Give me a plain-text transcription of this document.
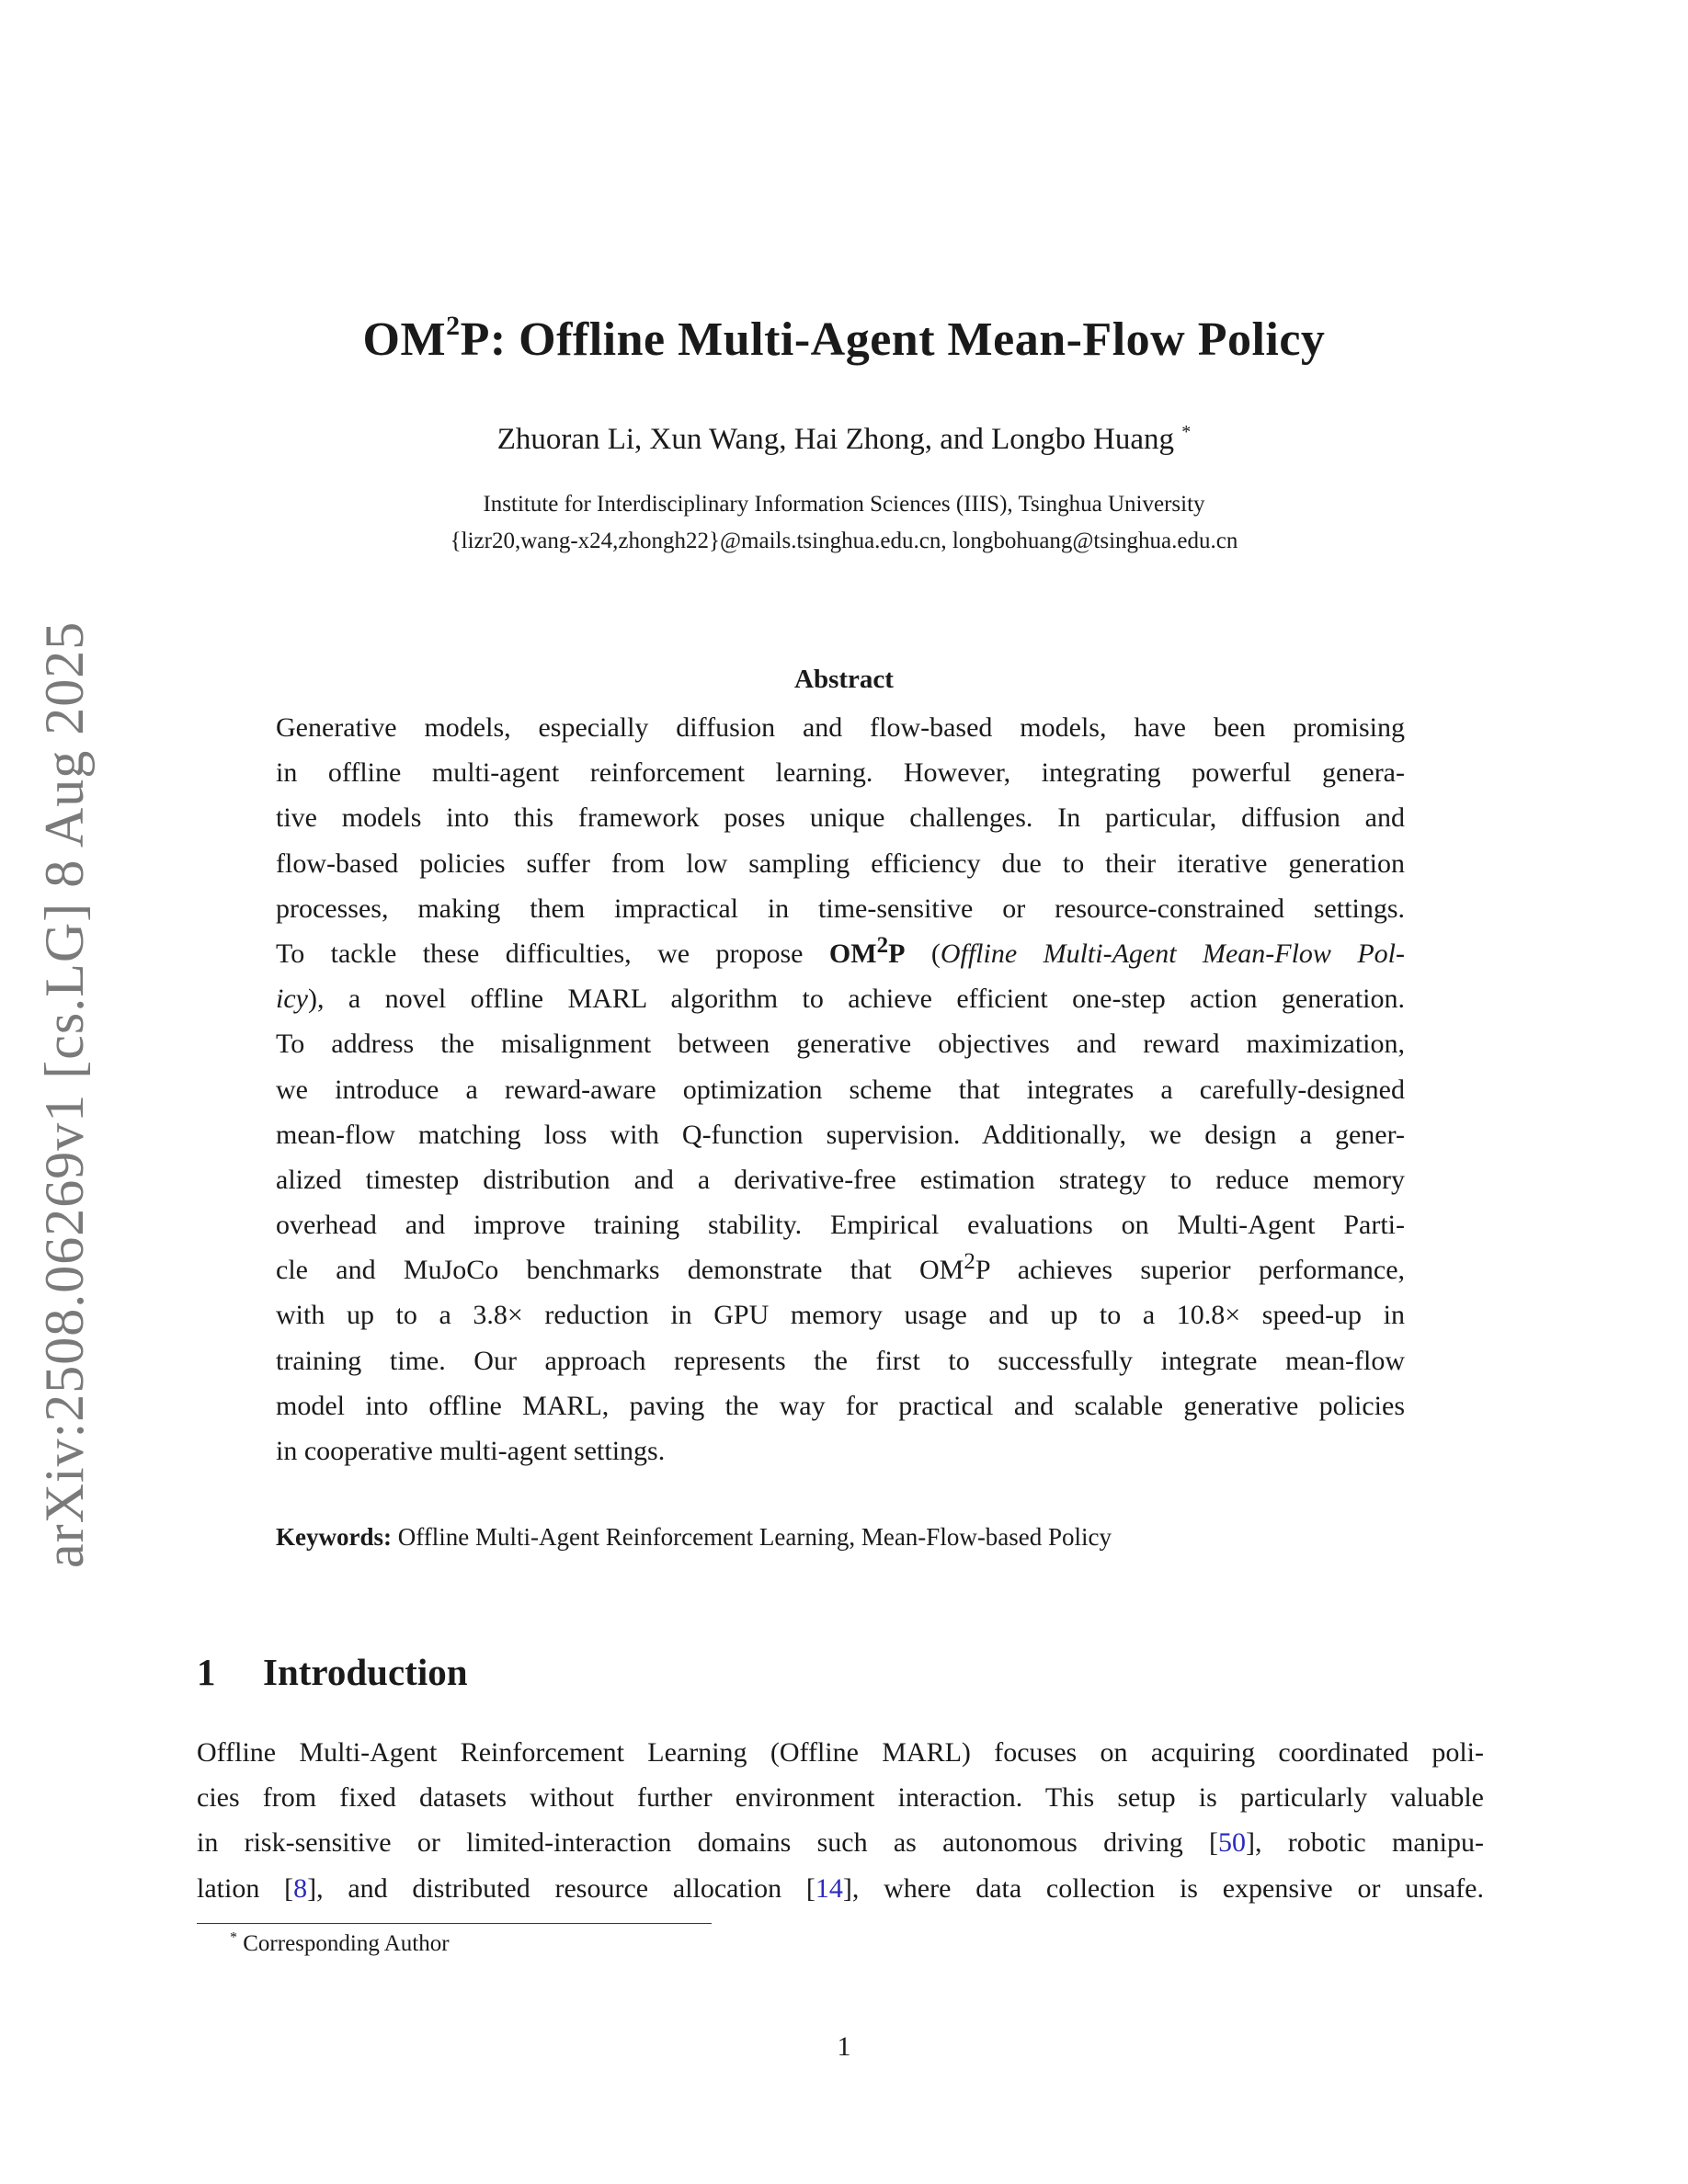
arXiv:2508.06269v1 [cs.LG] 8 Aug 2025
$OM^2P$: Offline Multi-Agent Mean-Flow Policy
Zhuoran Li, Xun Wang, Hai Zhong, and Longbo Huang *
Institute for Interdisciplinary Information Sciences (IIIS), Tsinghua University
{lizr20,wang-x24,zhongh22}@mails.tsinghua.edu.cn, longbohuang@tsinghua.edu.cn
Abstract
Generative models, especially diffusion and flow-based models, have been promising
in offline multi-agent reinforcement learning. However, integrating powerful genera-
tive models into this framework poses unique challenges. In particular, diffusion and
flow-based policies suffer from low sampling efficiency due to their iterative generation
processes, making them impractical in time-sensitive or resource-constrained settings.
To tackle these difficulties, we propose $OM^2P$ (Offline Multi-Agent Mean-Flow Pol-
icy), a novel offline MARL algorithm to achieve efficient one-step action generation.
To address the misalignment between generative objectives and reward maximization,
we introduce a reward-aware optimization scheme that integrates a carefully-designed
mean-flow matching loss with Q-function supervision. Additionally, we design a gener-
alized timestep distribution and a derivative-free estimation strategy to reduce memory
overhead and improve training stability. Empirical evaluations on Multi-Agent Parti-
cle and MuJoCo benchmarks demonstrate that $OM^2P$ achieves superior performance,
with up to a 3.8× reduction in GPU memory usage and up to a 10.8× speed-up in
training time. Our approach represents the first to successfully integrate mean-flow
model into offline MARL, paving the way for practical and scalable generative policies
in cooperative multi-agent settings.
Keywords: Offline Multi-Agent Reinforcement Learning, Mean-Flow-based Policy
1 Introduction
Offline Multi-Agent Reinforcement Learning (Offline MARL) focuses on acquiring coordinated poli-
cies from fixed datasets without further environment interaction. This setup is particularly valuable
in risk-sensitive or limited-interaction domains such as autonomous driving [50], robotic manipu-
lation [8], and distributed resource allocation [14], where data collection is expensive or unsafe.
* Corresponding Author
1
